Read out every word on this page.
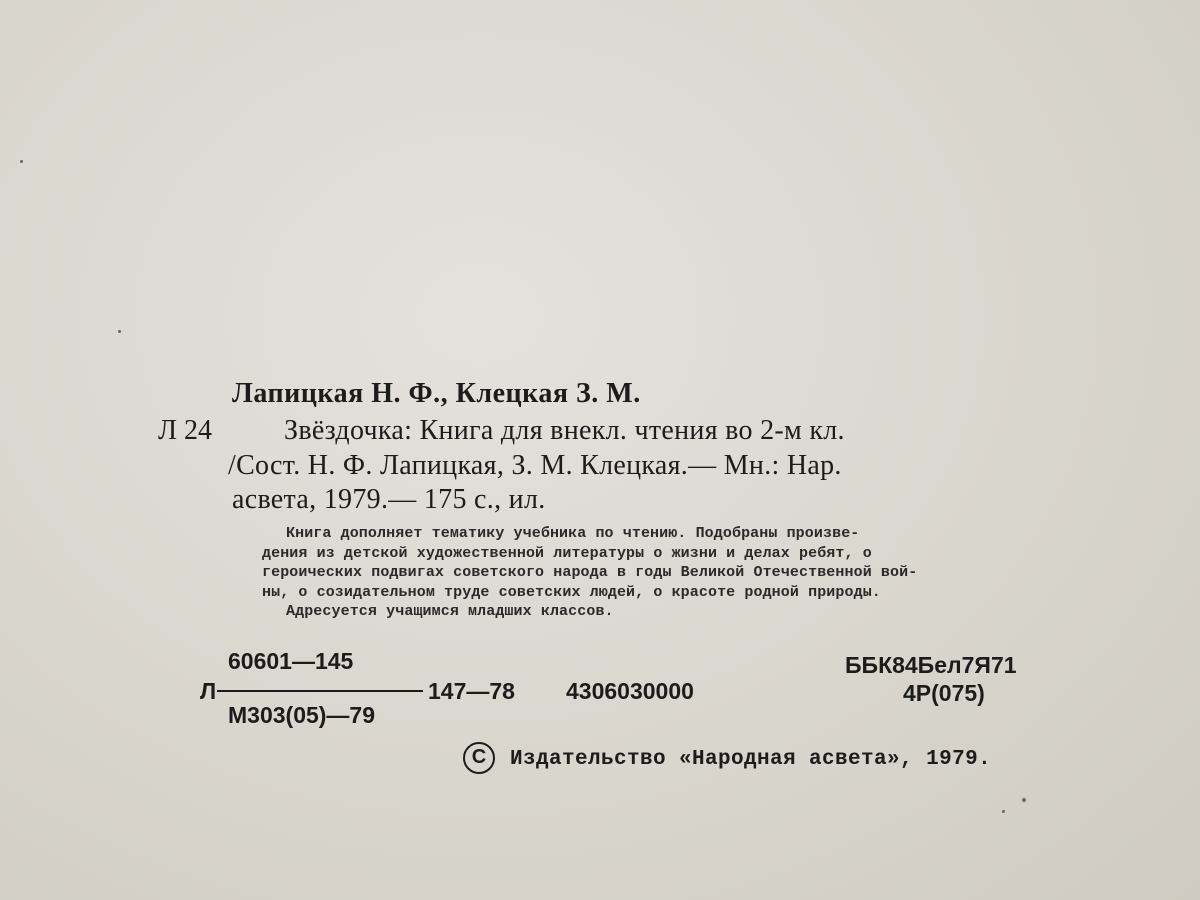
Лапицкая Н. Ф., Клецкая З. М.
Л 24	Звёздочка: Книга для внекл. чтения во 2-м кл.
/Сост. Н. Ф. Лапицкая, З. М. Клецкая.— Мн.: Нар.
асвета, 1979.— 175 с., ил.

Книга дополняет тематику учебника по чтению. Подобраны произве-

дения из детской художественной литературы о жизни и делах ребят, о

героических подвигах советского народа в годы Великой Отечественной вой-

ны, о созидательном труде советских людей, о красоте родной природы.

Адресуется учащимся младших классов.

60601—145
Л	147—78 4306030000
М303(05)—79
ББК84Бел7Я71
4Р(075)
C	Издательство «Народная асвета», 1979.
